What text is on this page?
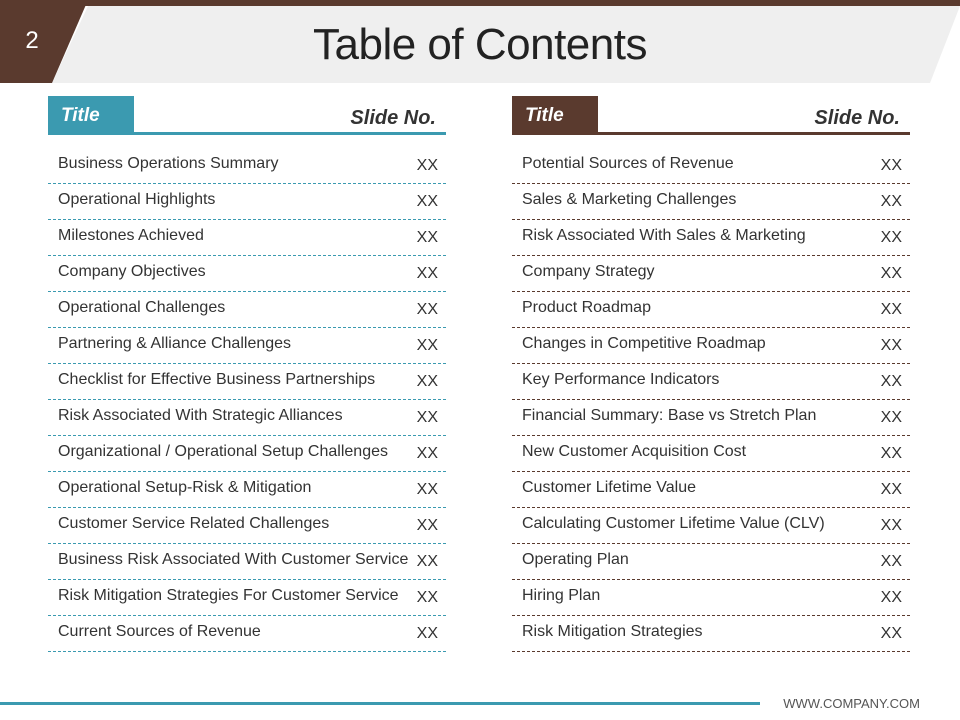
2	Table of Contents
Title	Slide No.
Business Operations Summary	XX
Operational Highlights	XX
Milestones Achieved	XX
Company Objectives	XX
Operational Challenges	XX
Partnering & Alliance Challenges	XX
Checklist for Effective Business Partnerships	XX
Risk Associated With Strategic Alliances	XX
Organizational / Operational Setup Challenges XX
Operational Setup-Risk & Mitigation	XX
Customer Service Related Challenges	XX
Business Risk Associated With Customer Service XX
Risk Mitigation Strategies For Customer Service XX
Current Sources of Revenue	XX
Title	Slide No.
Potential Sources of Revenue	XX
Sales & Marketing Challenges	XX
Risk Associated With Sales & Marketing	XX
Company Strategy	XX
Product Roadmap	XX
Changes in Competitive Roadmap	XX
Key Performance Indicators	XX
Financial Summary: Base vs Stretch Plan	XX
New Customer Acquisition Cost	XX
Customer Lifetime Value	XX
Calculating Customer Lifetime Value (CLV)	XX
Operating Plan	XX
Hiring Plan	XX
Risk Mitigation Strategies	XX
WWW.COMPANY.COM
